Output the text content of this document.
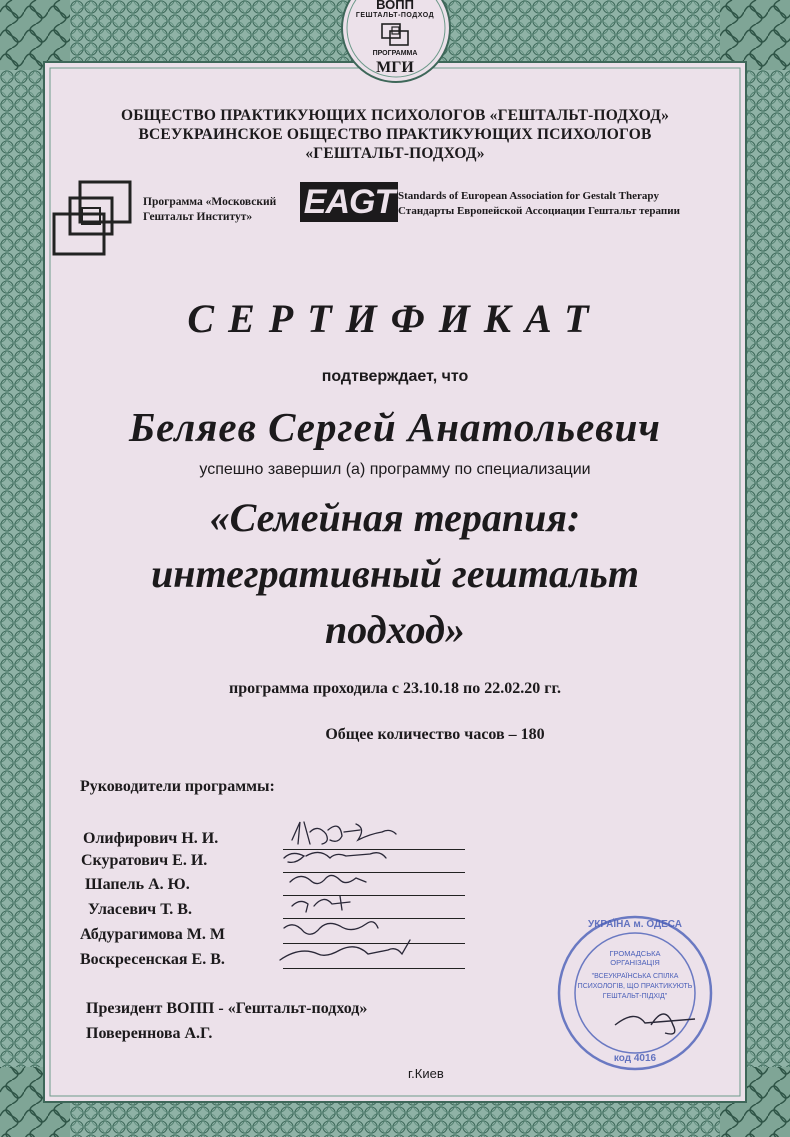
ВОПП
ГЕШТАЛЬТ-ПОДХОД
ПРОГРАММА
МГИ
ОБЩЕСТВО ПРАКТИКУЮЩИХ ПСИХОЛОГОВ «ГЕШТАЛЬТ-ПОДХОД»
ВСЕУКРАИНСКОЕ ОБЩЕСТВО ПРАКТИКУЮЩИХ ПСИХОЛОГОВ
«ГЕШТАЛЬТ-ПОДХОД»
Программа «Московский
Гештальт Институт» EAGT Standards of European Association for Gestalt Therapy
Стандарты Европейской Ассоциации Гештальт терапии
СЕРТИФИКАТ
подтверждает, что
Беляев Сергей Анатольевич
успешно завершил (а) программу по специализации
«Семейная терапия:
интегративный гештальт
подход»
программа проходила с 23.10.18 по 22.02.20 гг.
Общее количество часов – 180
Руководители программы:
Олифирович Н. И.
Скуратович Е. И.
Шапель А. Ю.
Уласевич Т. В.
Абдурагимова М. М
Воскресенская Е. В.
Президент ВОПП - «Гештальт-подход»
Повереннова А.Г.
УКРАЇНА м. ОДЕСА
ГРОМАДСЬКА
ОРГАНІЗАЦІЯ
"ВСЕУКРАЇНСЬКА СПІЛКА
ПСИХОЛОГІВ, ЩО ПРАКТИКУЮТЬ
ГЕШТАЛЬТ-ПІДХІД"
код 4016
г.Киев
